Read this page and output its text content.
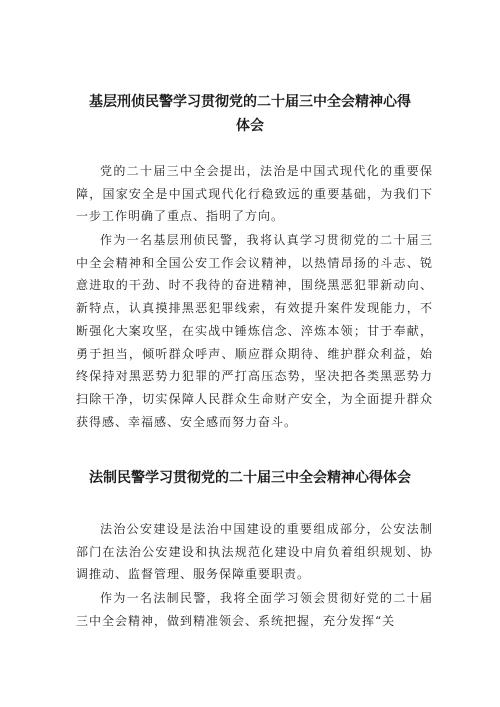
基层刑侦民警学习贯彻党的二十届三中全会精神心得
体会

党的二十届三中全会提出，法治是中国式现代化的重要保障，国家安全是中国式现代化行稳致远的重要基础，为我们下一步工作明确了重点、指明了方向。

作为一名基层刑侦民警，我将认真学习贯彻党的二十届三中全会精神和全国公安工作会议精神，以热情昂扬的斗志、锐意进取的干劲、时不我待的奋进精神，围绕黑恶犯罪新动向、新特点，认真摸排黑恶犯罪线索，有效提升案件发现能力，不断强化大案攻坚，在实战中锤炼信念、淬炼本领；甘于奉献，勇于担当，倾听群众呼声、顺应群众期待、维护群众利益，始终保持对黑恶势力犯罪的严打高压态势，坚决把各类黑恶势力扫除干净，切实保障人民群众生命财产安全，为全面提升群众获得感、幸福感、安全感而努力奋斗。

法制民警学习贯彻党的二十届三中全会精神心得体会

法治公安建设是法治中国建设的重要组成部分，公安法制部门在法治公安建设和执法规范化建设中肩负着组织规划、协调推动、监督管理、服务保障重要职责。

作为一名法制民警，我将全面学习领会贯彻好党的二十届三中全会精神，做到精准领会、系统把握，充分发挥“关
